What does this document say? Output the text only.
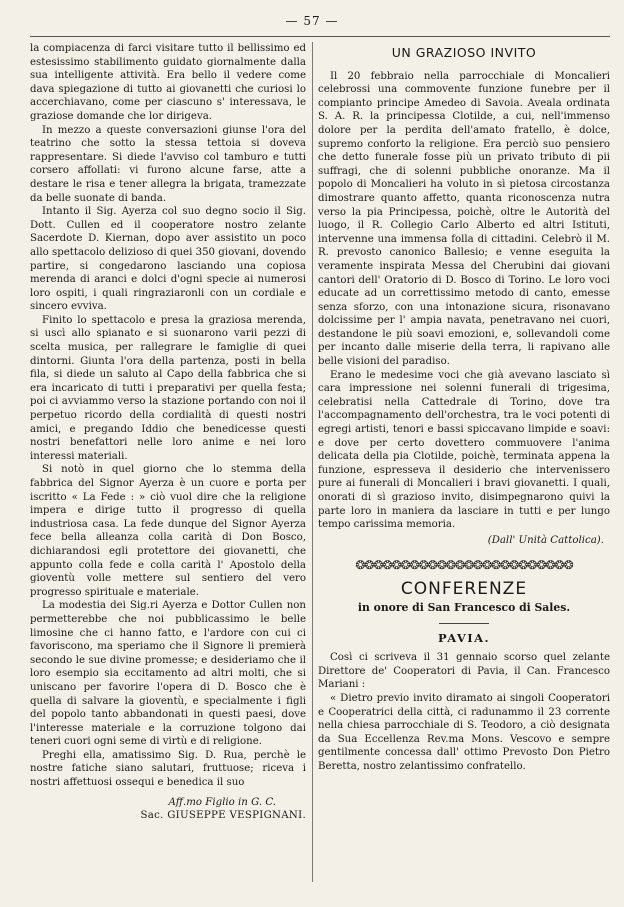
— 57 —

la compiacenza di farci visitare tutto il bellissimo ed estesissimo stabilimento guidato giornalmente dalla sua intelligente attività. Era bello il vedere come dava spiegazione di tutto ai giovanetti che curiosi lo accerchiavano, come per ciascuno s' interessava, le graziose domande che lor dirigeva.

In mezzo a queste conversazioni giunse l'ora del teatrino che sotto la stessa tettoia si doveva rappresentare. Si diede l'avviso col tamburo e tutti corsero affollati: vi furono alcune farse, atte a destare le risa e tener allegra la brigata, tramezzate da belle suonate di banda.

Intanto il Sig. Ayerza col suo degno socio il Sig. Dott. Cullen ed il cooperatore nostro zelante Sacerdote D. Kiernan, dopo aver assistito un poco allo spettacolo delizioso di quei 350 giovani, dovendo partire, si congedarono lasciando una copiosa merenda di aranci e dolci d'ogni specie ai numerosi loro ospiti, i quali ringraziaronli con un cordiale e sincero evviva.

Finito lo spettacolo e presa la graziosa merenda, si uscì allo spianato e si suonarono varii pezzi di scelta musica, per rallegrare le famiglie di quei dintorni. Giunta l'ora della partenza, posti in bella fila, si diede un saluto al Capo della fabbrica che si era incaricato di tutti i preparativi per quella festa; poi ci avviammo verso la stazione portando con noi il perpetuo ricordo della cordialità di questi nostri amici, e pregando Iddio che benedicesse questi nostri benefattori nelle loro anime e nei loro interessi materiali.

Si notò in quel giorno che lo stemma della fabbrica del Signor Ayerza è un cuore e porta per iscritto « La Fede : » ciò vuol dire che la religione impera e dirige tutto il progresso di quella industriosa casa. La fede dunque del Signor Ayerza fece bella alleanza colla carità di Don Bosco, dichiarandosi egli protettore dei giovanetti, che appunto colla fede e colla carità l' Apostolo della gioventù volle mettere sul sentiero del vero progresso spirituale e materiale.

La modestia dei Sig.ri Ayerza e Dottor Cullen non permetterebbe che noi pubblicassimo le belle limosine che ci hanno fatto, e l'ardore con cui ci favoriscono, ma speriamo che il Signore li premierà secondo le sue divine promesse; e desideriamo che il loro esempio sia eccitamento ad altri molti, che si uniscano per favorire l'opera di D. Bosco che è quella di salvare la gioventù, e specialmente i figli del popolo tanto abbandonati in questi paesi, dove l'interesse materiale e la corruzione tolgono dai teneri cuori ogni seme di virtù e di religione.

Preghi ella, amatissimo Sig. D. Rua, perchè le nostre fatiche siano salutari, fruttuose; riceva i nostri affettuosi ossequi e benedica il suo

Aff.mo Figlio in G. C.
Sac. GIUSEPPE VESPIGNANI.
UN GRAZIOSO INVITO

Il 20 febbraio nella parrocchiale di Moncalieri celebrossi una commovente funzione funebre per il compianto principe Amedeo di Savoia. Aveala ordinata S. A. R. la principessa Clotilde, a cui, nell'immenso dolore per la perdita dell'amato fratello, è dolce, supremo conforto la religione. Era perciò suo pensiero che detto funerale fosse più un privato tributo di pii suffragi, che di solenni pubbliche onoranze. Ma il popolo di Moncalieri ha voluto in sì pietosa circostanza dimostrare quanto affetto, quanta riconoscenza nutra verso la pia Principessa, poichè, oltre le Autorità del luogo, il R. Collegio Carlo Alberto ed altri Istituti, intervenne una immensa folla di cittadini. Celebrò il M. R. prevosto canonico Ballesio; e venne eseguita la veramente inspirata Messa del Cherubini dai giovani cantori dell' Oratorio di D. Bosco di Torino. Le loro voci educate ad un correttissimo metodo di canto, emesse senza sforzo, con una intonazione sicura, risonavano dolcissime per l' ampia navata, penetravano nei cuori, destandone le più soavi emozioni, e, sollevandoli come per incanto dalle miserie della terra, li rapivano alle belle visioni del paradiso.

Erano le medesime voci che già avevano lasciato sì cara impressione nei solenni funerali di trigesima, celebratisi nella Cattedrale di Torino, dove tra l'accompagnamento dell'orchestra, tra le voci potenti di egregi artisti, tenori e bassi spiccavano limpide e soavi: e dove per certo dovettero commuovere l'anima delicata della pia Clotilde, poichè, terminata appena la funzione, espresseva il desiderio che intervenissero pure ai funerali di Moncalieri i bravi giovanetti. I quali, onorati di sì grazioso invito, disimpegnarono quivi la parte loro in maniera da lasciare in tutti e per lungo tempo carissima memoria.

(Dall' Unità Cattolica).
❂❂❂❂❂❂❂❂❂❂❂❂❂❂❂❂❂❂❂❂❂❂❂❂
CONFERENZE
in onore di San Francesco di Sales.
PAVIA.

Così ci scriveva il 31 gennaio scorso quel zelante Direttore de' Cooperatori di Pavia, il Can. Francesco Mariani :

« Dietro previo invito diramato ai singoli Cooperatori e Cooperatrici della città, ci radunammo il 23 corrente nella chiesa parrocchiale di S. Teodoro, a ciò designata da Sua Eccellenza Rev.ma Mons. Vescovo e sempre gentilmente concessa dall' ottimo Prevosto Don Pietro Beretta, nostro zelantissimo confratello.
